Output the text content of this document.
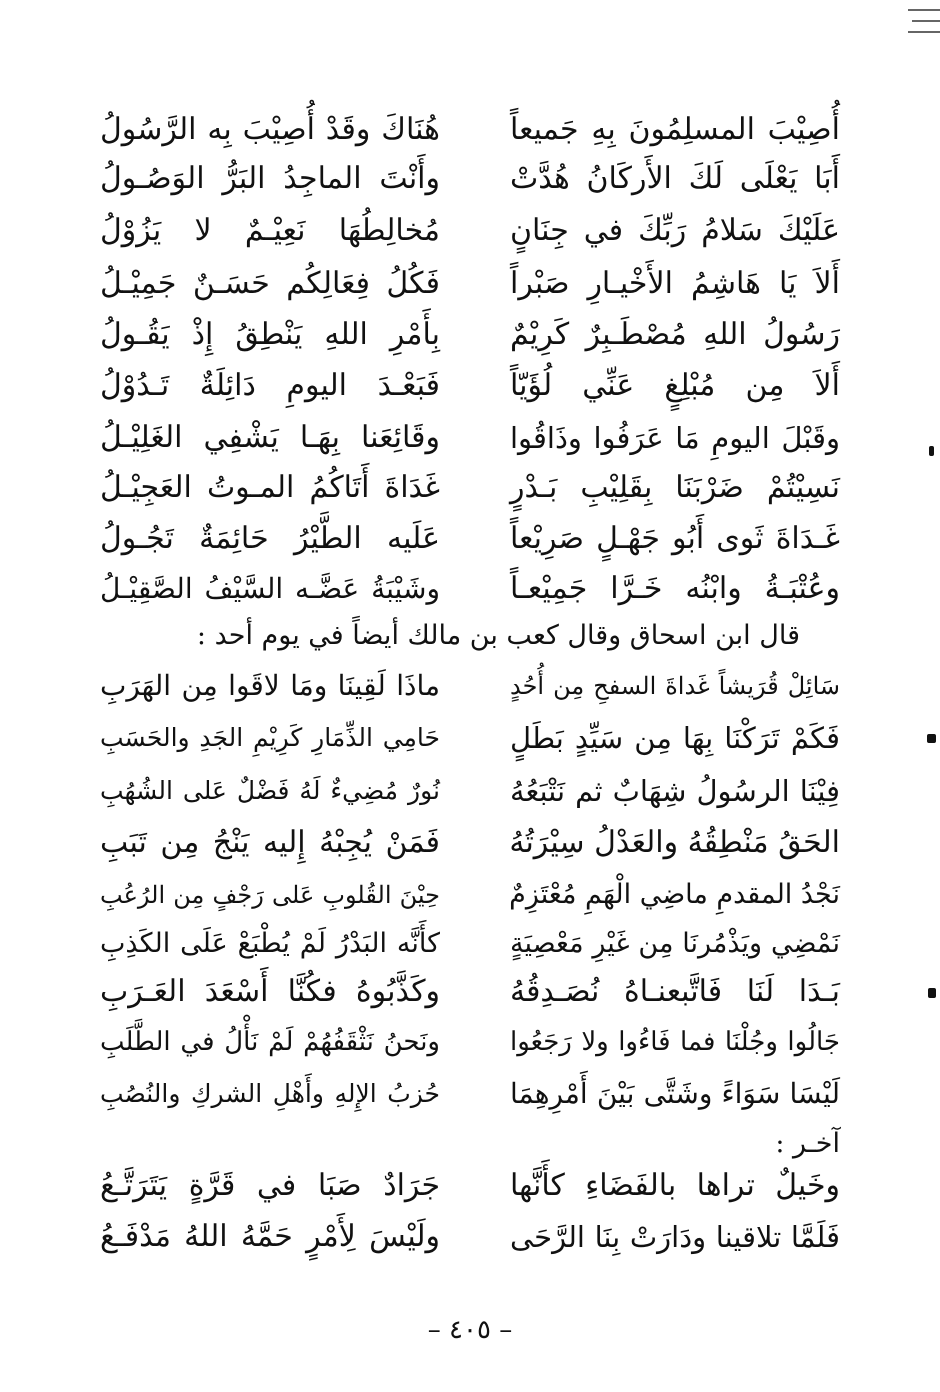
أُصِيْبَ المسلِمُونَ بِهِ جَميعاً
هُنَاكَ وقَدْ أُصِيْبَ بِه الرَّسُولُ
أَبَا يَعْلَى لَكَ الأَركَانُ هُدَّتْ
وأَنْتَ الماجِدُ البَرُّ الوَصُـولُ
عَلَيْكَ سَلامُ رَبِّكَ في جِنَانٍ
مُخالِطُهَا نَعِيْـمٌ لا يَزُوْلُ
أَلاَ يَا هَاشِمُ الأَخْيـارِ صَبْراً
فَكُلُ فِعَالِكُم حَسَـنٌ جَمِيْـلُ
رَسُولُ اللهِ مُصْطَـبِرٌ كَرِيْمٌ
بِأَمْرِ اللهِ يَنْطِقُ إِذْ يَقُـولُ
أَلاَ مِن مُبْلِغٍ عَنِّي لُؤَيّاً
فَبَعْـدَ اليومِ دَائِلَةٌ تَـدُوْلُ
وقَبْلَ اليومِ مَا عَرَفُوا وذَاقُوا
وقَائِعَنا بِهَـا يَشْفِي الغَلِيْـلُ
نَسِيْتُمْ ضَرْبَنَا بِقَلِيْبِ بَـدْرٍ
غَدَاةَ أَتَاكُمُ المـوتُ العَجِيْـلُ
غَـدَاةَ ثَوى أَبُو جَهْـلٍ صَرِيْعاً
عَلَيه الطَّيْرُ حَائِمَةٌ تَجُـولُ
وعُتْبَـةُ وابْنُه خَـرَّا جَمِيْعـاً
وشَيْبَةُ عَضَّـه السَّيْفُ الصَّقِيْـلُ
قال ابن اسحاق وقال كعب بن مالك أيضاً في يوم أحد :
سَائِلْ قُرَيشاً غَداةَ السفحِ مِن أُحُدٍ
ماذَا لَقِينَا ومَا لاقَوا مِن الهَرَبِ
فَكَمْ تَرَكْنَا بِهَا مِن سَيِّدٍ بَطَلٍ
حَامِي الذِّمَارِ كَرِيْمِ الجَدِ والحَسَبِ
فِيْنَا الرسُولُ شِهَابٌ ثم نَتْبَعُهُ
نُورٌ مُضِيءٌ لَهُ فَضْلٌ عَلى الشُهُبِ
الحَقُ مَنْطِقُهُ والعَدْلُ سِيْرَتُهُ
فَمَنْ يُجِبْهُ إِليه يَنْجُ مِن تَبَبِ
نَجْدُ المقدمِ ماضِي الْهَمِ مُعْتَزِمٌ
حِيْنَ القُلوبِ عَلى رَجْفٍ مِن الرُعُبِ
نَمْضِي ويَذْمُرنَا مِن غَيْرِ مَعْصِيَةٍ
كأَنَّه البَدْرُ لَمْ يُطْبَعْ عَلَى الكَذِبِ
بَـدَا لَنَا فَاتَّبعنـاهُ نُصَـدِقُهُ
وكَذَّبُوهُ فكُنَّا أَسْعَدَ العَـرَبِ
جَالُوا وجُلْنَا فما فَاءُوا ولا رَجَعُوا
ونَحنُ نَثْقَفُهُمْ لَمْ نَأْلُ في الطَّلَبِ
لَيْسَا سَوَاءً وشَتَّى بَيْنَ أَمْرِهِمَا
حُزبُ الإِلهِ وأَهْلِ الشركِ والنُصُبِ
آخـر :
وخَيلٌ تراها بالفَضَاءِ كأَنَّها
جَرَادٌ صَبَا في قَرَّةٍ يَتَرَتَّـعُ
فَلَمَّا تلاقينا ودَارَتْ بِنَا الرَّحَى
ولَيْسَ لِأَمْرٍ حَمَّهُ اللهُ مَدْفَـعُ
– ٤٠٥ –
